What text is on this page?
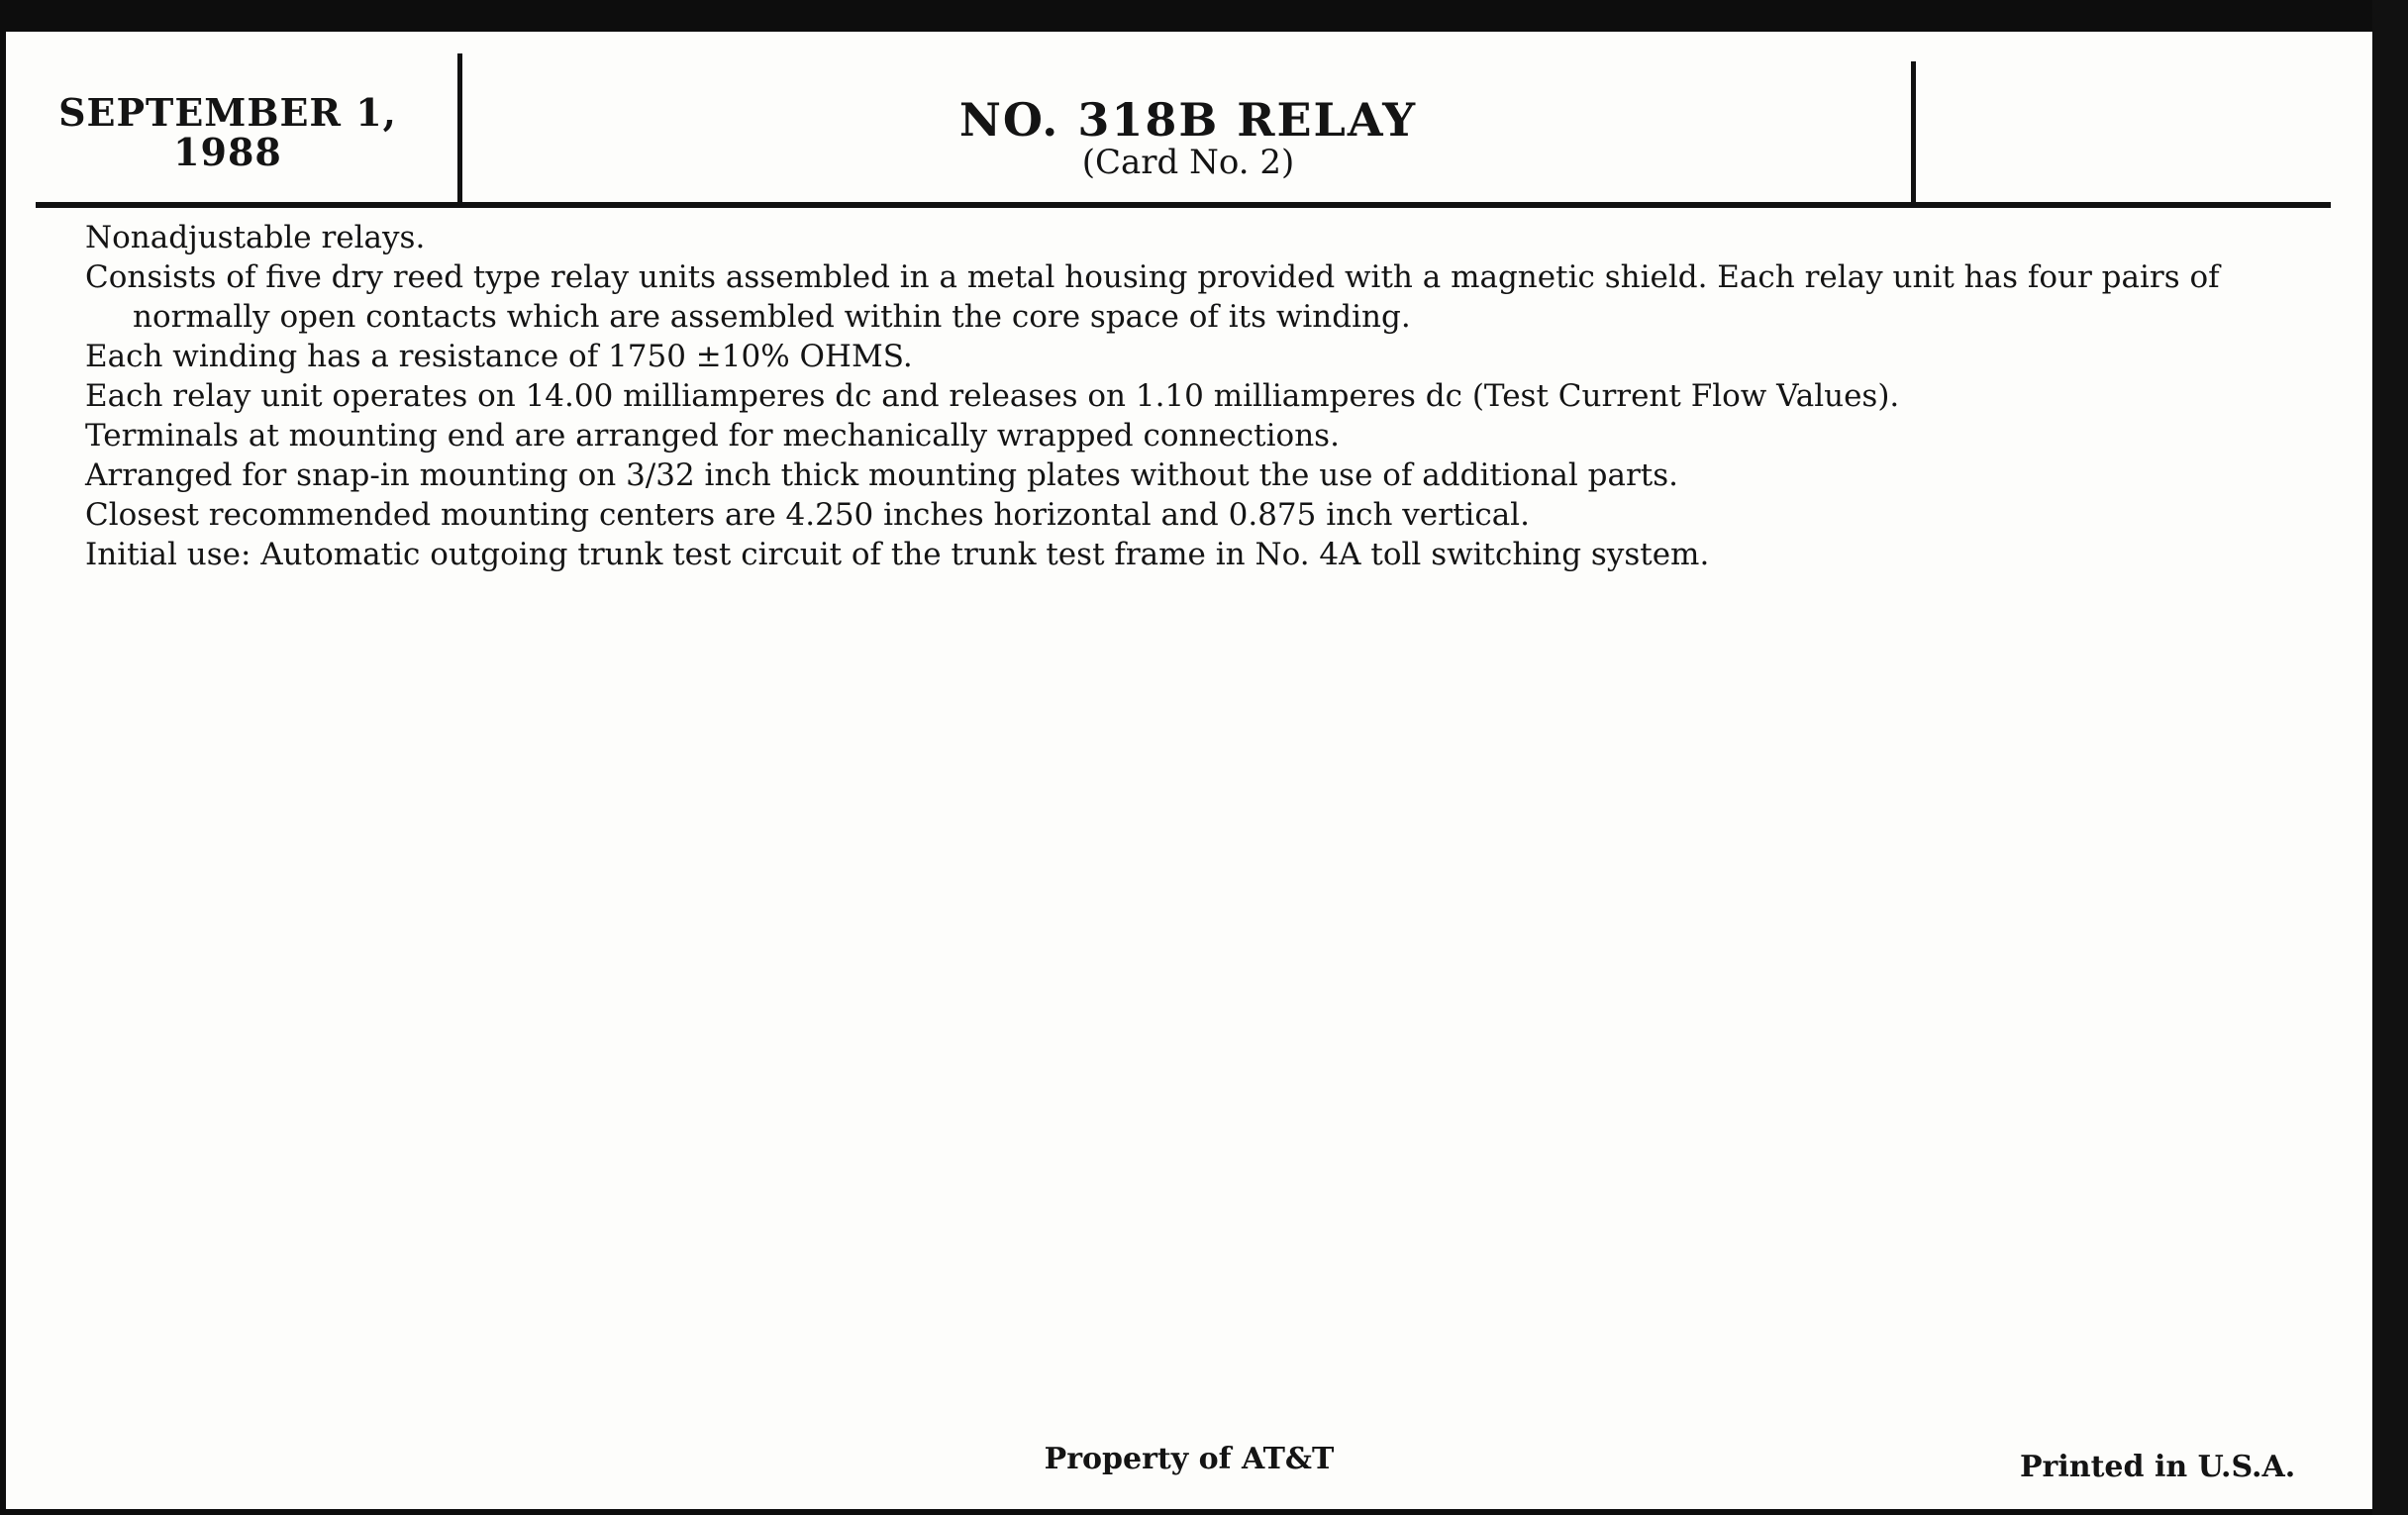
SEPTEMBER 1,
1988
NO. 318B RELAY
(Card No. 2)

Nonadjustable relays.

Consists of five dry reed type relay units assembled in a metal housing provided with a magnetic shield. Each relay unit has four pairs of normally open contacts which are assembled within the core space of its winding.

Each winding has a resistance of 1750 ±10% OHMS.

Each relay unit operates on 14.00 milliamperes dc and releases on 1.10 milliamperes dc (Test Current Flow Values).

Terminals at mounting end are arranged for mechanically wrapped connections.

Arranged for snap-in mounting on 3/32 inch thick mounting plates without the use of additional parts.

Closest recommended mounting centers are 4.250 inches horizontal and 0.875 inch vertical.

Initial use: Automatic outgoing trunk test circuit of the trunk test frame in No. 4A toll switching system.

Property of AT&T	Printed in U.S.A.
